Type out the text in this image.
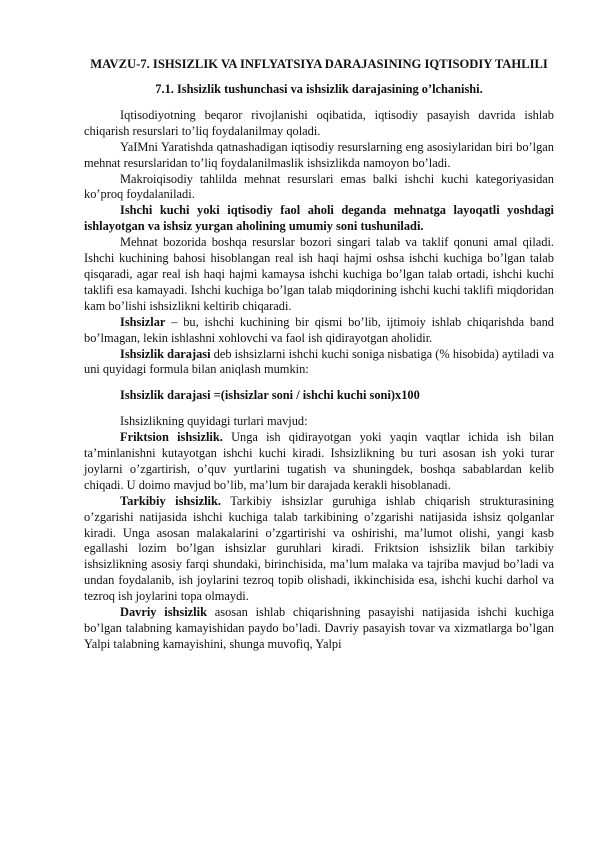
MAVZU-7. ISHSIZLIK VA INFLYATSIYA DARAJASINING IQTISODIY TAHLILI
7.1. Ishsizlik tushunchasi va ishsizlik darajasining o’lchanishi.

Iqtisodiyotning beqaror rivojlanishi oqibatida, iqtisodiy pasayish davrida ishlab chiqarish resurslari to’liq foydalanilmay qoladi.

YaIMni Yaratishda qatnashadigan iqtisodiy resurslarning eng asosiylaridan biri bo’lgan mehnat resurslaridan to’liq foydalanilmaslik ishsizlikda namoyon bo’ladi.

Makroiqisodiy tahlilda mehnat resurslari emas balki ishchi kuchi kategoriyasidan ko’proq foydalaniladi.

Ishchi kuchi yoki iqtisodiy faol aholi deganda mehnatga layoqatli yoshdagi ishlayotgan va ishsiz yurgan aholining umumiy soni tushuniladi.

Mehnat bozorida boshqa resurslar bozori singari talab va taklif qonuni amal qiladi. Ishchi kuchining bahosi hisoblangan real ish haqi hajmi oshsa ishchi kuchiga bo’lgan talab qisqaradi, agar real ish haqi hajmi kamaysa ishchi kuchiga bo’lgan talab ortadi, ishchi kuchi taklifi esa kamayadi. Ishchi kuchiga bo’lgan talab miqdorining ishchi kuchi taklifi miqdoridan kam bo’lishi ishsizlikni keltirib chiqaradi.

Ishsizlar – bu, ishchi kuchining bir qismi bo’lib, ijtimoiy ishlab chiqarishda band bo’lmagan, lekin ishlashni xohlovchi va faol ish qidirayotgan aholidir.

Ishsizlik darajasi deb ishsizlarni ishchi kuchi soniga nisbatiga (% hisobida) aytiladi va uni quyidagi formula bilan aniqlash mumkin:

Ishsizlik darajasi =(ishsizlar soni / ishchi kuchi soni)x100

Ishsizlikning quyidagi turlari mavjud:

Friktsion ishsizlik. Unga ish qidirayotgan yoki yaqin vaqtlar ichida ish bilan ta’minlanishni kutayotgan ishchi kuchi kiradi. Ishsizlikning bu turi asosan ish yoki turar joylarni o’zgartirish, o’quv yurtlarini tugatish va shuningdek, boshqa sabablardan kelib chiqadi. U doimo mavjud bo’lib, ma’lum bir darajada kerakli hisoblanadi.

Tarkibiy ishsizlik. Tarkibiy ishsizlar guruhiga ishlab chiqarish strukturasining o’zgarishi natijasida ishchi kuchiga talab tarkibining o’zgarishi natijasida ishsiz qolganlar kiradi. Unga asosan malakalarini o’zgartirishi va oshirishi, ma’lumot olishi, yangi kasb egallashi lozim bo’lgan ishsizlar guruhlari kiradi. Friktsion ishsizlik bilan tarkibiy ishsizlikning asosiy farqi shundaki, birinchisida, ma’lum malaka va tajriba mavjud bo’ladi va undan foydalanib, ish joylarini tezroq topib olishadi, ikkinchisida esa, ishchi kuchi darhol va tezroq ish joylarini topa olmaydi.

Davriy ishsizlik asosan ishlab chiqarishning pasayishi natijasida ishchi kuchiga bo’lgan talabning kamayishidan paydo bo’ladi. Davriy pasayish tovar va xizmatlarga bo’lgan Yalpi talabning kamayishini, shunga muvofiq, Yalpi
